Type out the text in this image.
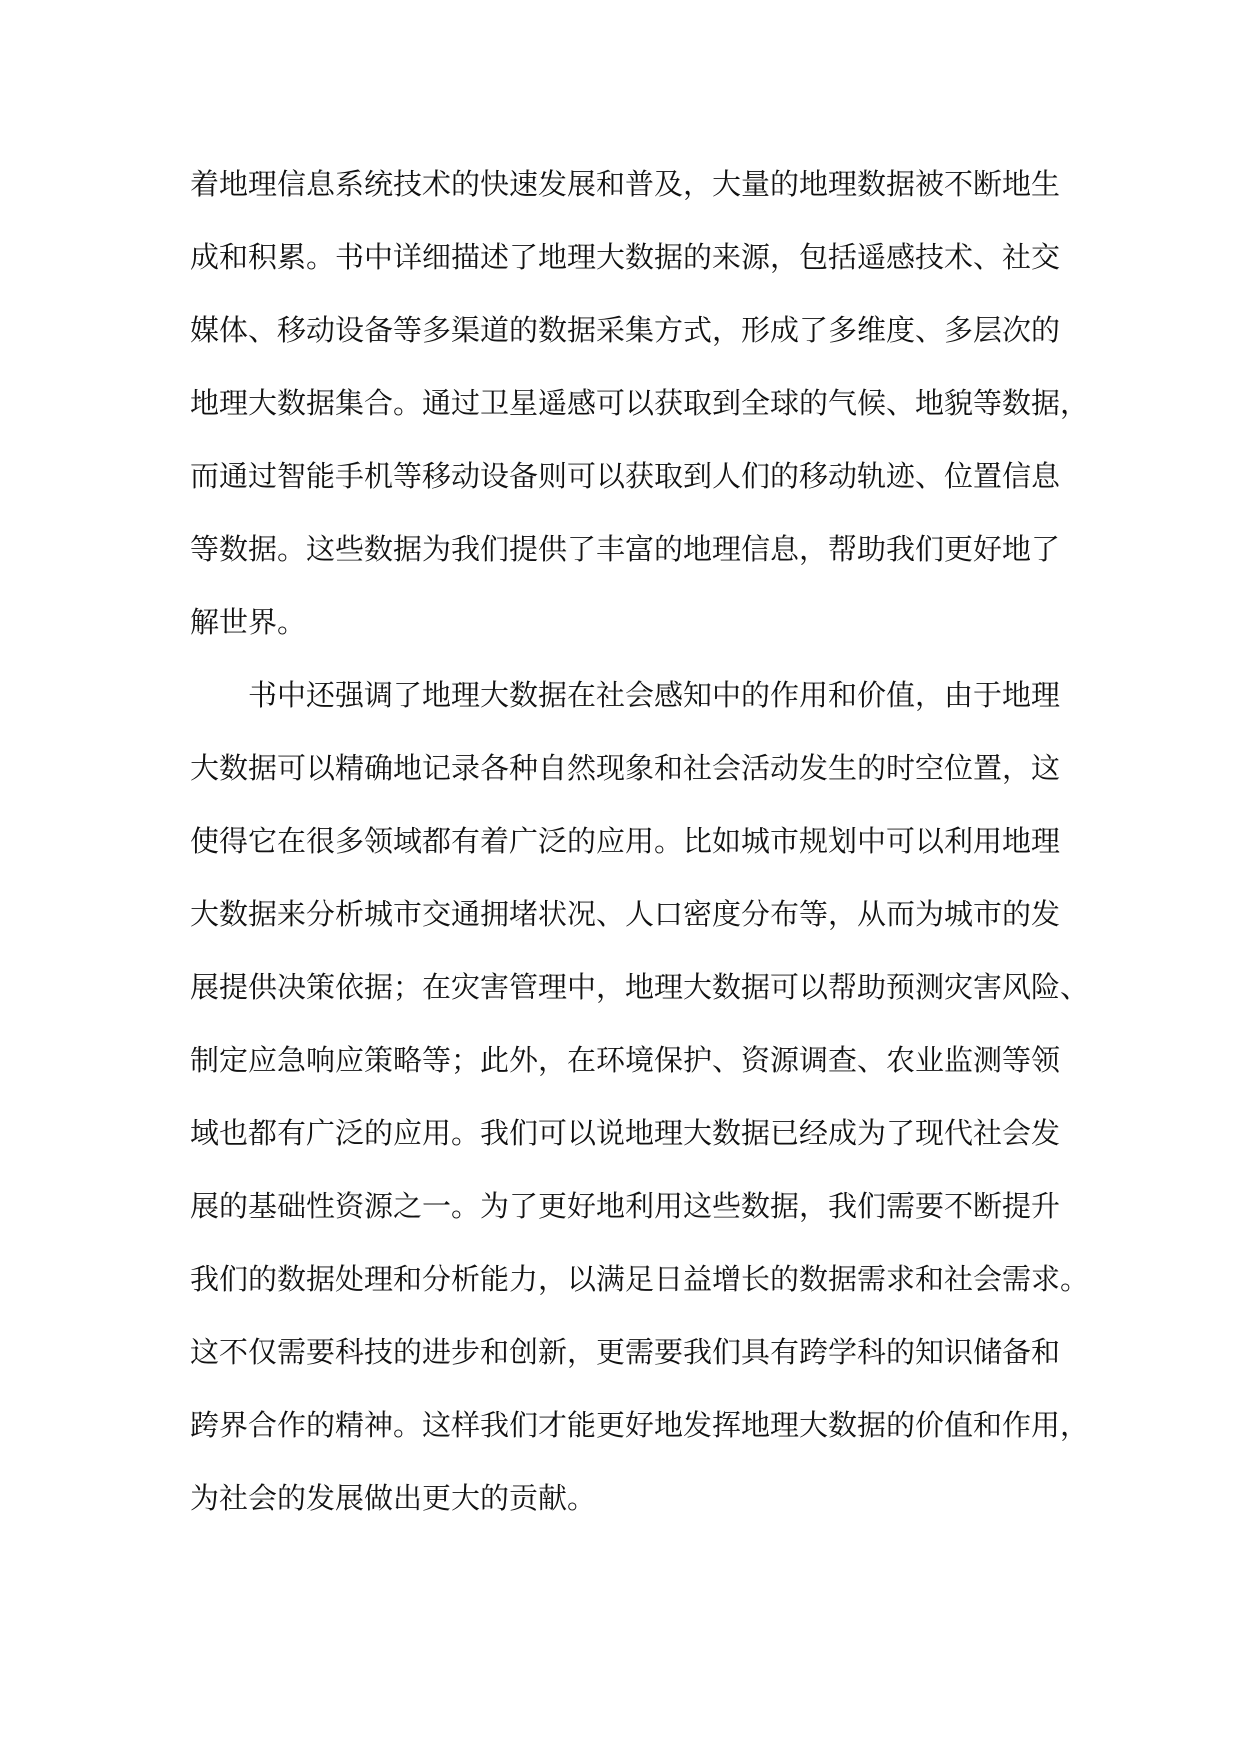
着地理信息系统技术的快速发展和普及，大量的地理数据被不断地生
成和积累。书中详细描述了地理大数据的来源，包括遥感技术、社交
媒体、移动设备等多渠道的数据采集方式，形成了多维度、多层次的
地理大数据集合。通过卫星遥感可以获取到全球的气候、地貌等数据，
而通过智能手机等移动设备则可以获取到人们的移动轨迹、位置信息
等数据。这些数据为我们提供了丰富的地理信息，帮助我们更好地了
解世界。
书中还强调了地理大数据在社会感知中的作用和价值，由于地理
大数据可以精确地记录各种自然现象和社会活动发生的时空位置，这
使得它在很多领域都有着广泛的应用。比如城市规划中可以利用地理
大数据来分析城市交通拥堵状况、人口密度分布等，从而为城市的发
展提供决策依据；在灾害管理中，地理大数据可以帮助预测灾害风险、
制定应急响应策略等；此外，在环境保护、资源调查、农业监测等领
域也都有广泛的应用。我们可以说地理大数据已经成为了现代社会发
展的基础性资源之一。为了更好地利用这些数据，我们需要不断提升
我们的数据处理和分析能力，以满足日益增长的数据需求和社会需求。
这不仅需要科技的进步和创新，更需要我们具有跨学科的知识储备和
跨界合作的精神。这样我们才能更好地发挥地理大数据的价值和作用，
为社会的发展做出更大的贡献。
